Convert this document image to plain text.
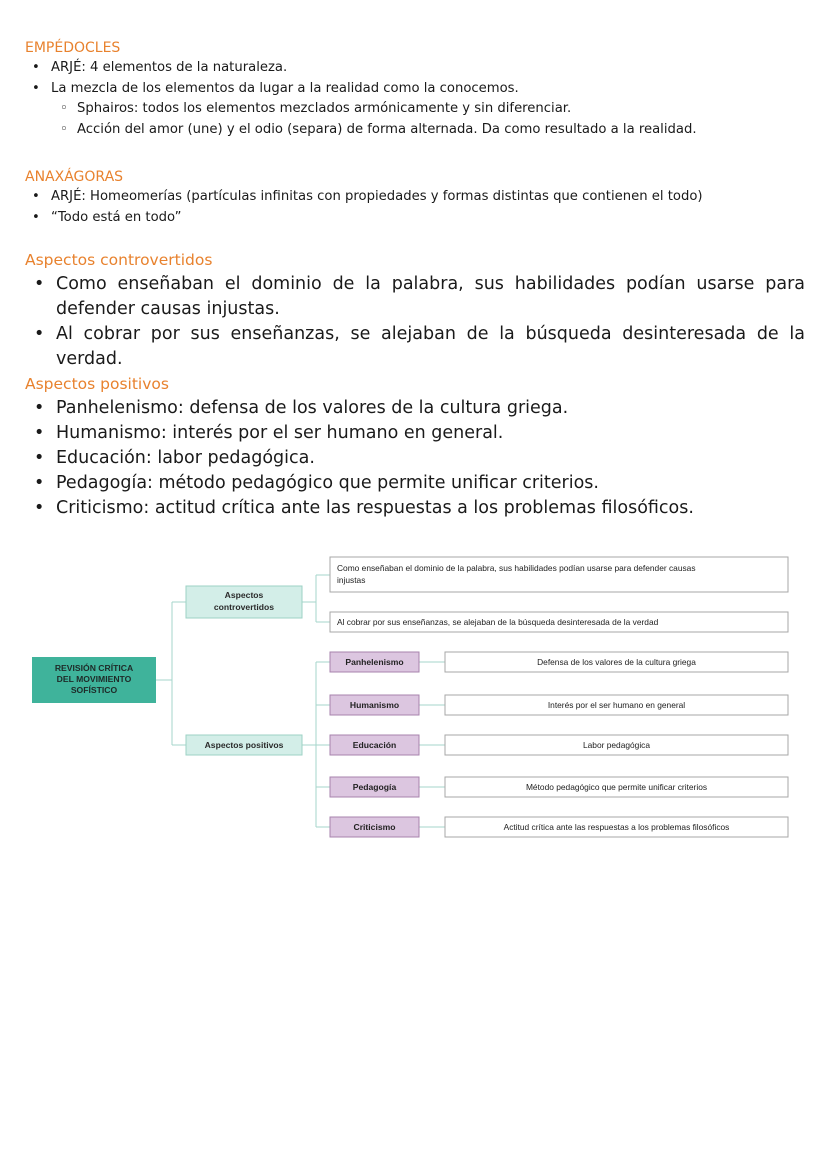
EMPÉDOCLES
• ARJÉ: 4 elementos de la naturaleza.
• La mezcla de los elementos da lugar a la realidad como la conocemos.
◦ Sphairos: todos los elementos mezclados armónicamente y sin diferenciar.
◦ Acción del amor (une) y el odio (separa) de forma alternada. Da como resultado a la realidad.
ANAXÁGORAS
• ARJÉ: Homeomerías (partículas infinitas con propiedades y formas distintas que contienen el todo)
• “Todo está en todo”
Aspectos controvertidos
• Como enseñaban el dominio de la palabra, sus habilidades podían usarse para defender causas injustas.
• Al cobrar por sus enseñanzas, se alejaban de la búsqueda desinteresada de la verdad.
Aspectos positivos
• Panhelenismo: defensa de los valores de la cultura griega.
• Humanismo: interés por el ser humano en general.
• Educación: labor pedagógica.
• Pedagogía: método pedagógico que permite unificar criterios.
• Criticismo: actitud crítica ante las respuestas a los problemas filosóficos.
REVISIÓN CRÍTICA
DEL MOVIMIENTO
SOFÍSTICO
Aspectos
controvertidos
Aspectos positivos
Como enseñaban el dominio de la palabra, sus habilidades podían usarse para defender causas
injustas
Al cobrar por sus enseñanzas, se alejaban de la búsqueda desinteresada de la verdad
Panhelenismo	Defensa de los valores de la cultura griega
Humanismo	Interés por el ser humano en general
Educación	Labor pedagógica
Pedagogía	Método pedagógico que permite unificar criterios
Criticismo	Actitud crítica ante las respuestas a los problemas filosóficos
